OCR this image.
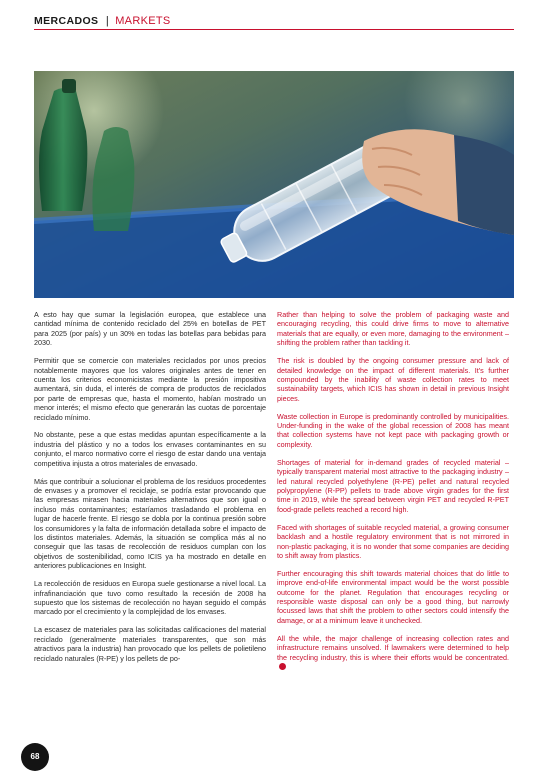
MERCADOS | MARKETS

A esto hay que sumar la legislación europea, que establece una cantidad mínima de contenido reciclado del 25% en botellas de PET para 2025 (por país) y un 30% en todas las botellas para bebidas para 2030.

Permitir que se comercie con materiales reciclados por unos precios notablemente mayores que los valores originales antes de tener en cuenta los criterios economicistas mediante la presión impositiva aumentará, sin duda, el interés de compra de productos de reciclados por parte de empresas que, hasta el momento, habían mostrado un menor interés; el mismo efecto que generarán las cuotas de porcentaje reciclado mínimo.

No obstante, pese a que estas medidas apuntan específicamente a la industria del plástico y no a todos los envases contaminantes en su conjunto, el marco normativo corre el riesgo de estar dando una ventaja competitiva injusta a otros materiales de envasado.

Más que contribuir a solucionar el problema de los residuos procedentes de envases y a promover el reciclaje, se podría estar provocando que las empresas mirasen hacia materiales alternativos que son igual o incluso más contaminantes; estaríamos trasladando el problema en lugar de hacerle frente. El riesgo se dobla por la continua presión sobre los consumidores y la falta de información detallada sobre el impacto de los distintos materiales. Además, la situación se complica más al no conseguir que las tasas de recolección de residuos cumplan con los objetivos de sostenibilidad, como ICIS ya ha mostrado en detalle en anteriores publicaciones en Insight.

La recolección de residuos en Europa suele gestionarse a nivel local. La infrafinanciación que tuvo como resultado la recesión de 2008 ha supuesto que los sistemas de recolección no hayan seguido el compás marcado por el crecimiento y la complejidad de los envases.

La escasez de materiales para las solicitadas calificaciones del material reciclado (generalmente materiales transparentes, que son más atractivos para la industria) han provocado que los pellets de polietileno reciclado naturales (R-PE) y los pellets de po-

Rather than helping to solve the problem of packaging waste and encouraging recycling, this could drive firms to move to alternative materials that are equally, or even more, damaging to the environment – shifting the problem rather than tackling it.

The risk is doubled by the ongoing consumer pressure and lack of detailed knowledge on the impact of different materials. It's further compounded by the inability of waste collection rates to meet sustainability targets, which ICIS has shown in detail in previous Insight pieces.

Waste collection in Europe is predominantly controlled by municipalities. Under-funding in the wake of the global recession of 2008 has meant that collection systems have not kept pace with packaging growth or complexity.

Shortages of material for in-demand grades of recycled material – typically transparent material most attractive to the packaging industry – led natural recycled polyethylene (R-PE) pellet and natural recycled polypropylene (R-PP) pellets to trade above virgin grades for the first time in 2019, while the spread between virgin PET and recycled R-PET food-grade pellets reached a record high.

Faced with shortages of suitable recycled material, a growing consumer backlash and a hostile regulatory environment that is not mirrored in non-plastic packaging, it is no wonder that some companies are deciding to shift away from plastics.

Further encouraging this shift towards material choices that do little to improve end-of-life environmental impact would be the worst possible outcome for the planet. Regulation that encourages recycling or responsible waste disposal can only be a good thing, but narrowly focussed laws that shift the problem to other sectors could intensify the damage, or at a minimum leave it unchecked.

All the while, the major challenge of increasing collection rates and infrastructure remains unsolved. If lawmakers were determined to help the recycling industry, this is where their efforts would be concentrated.

68
